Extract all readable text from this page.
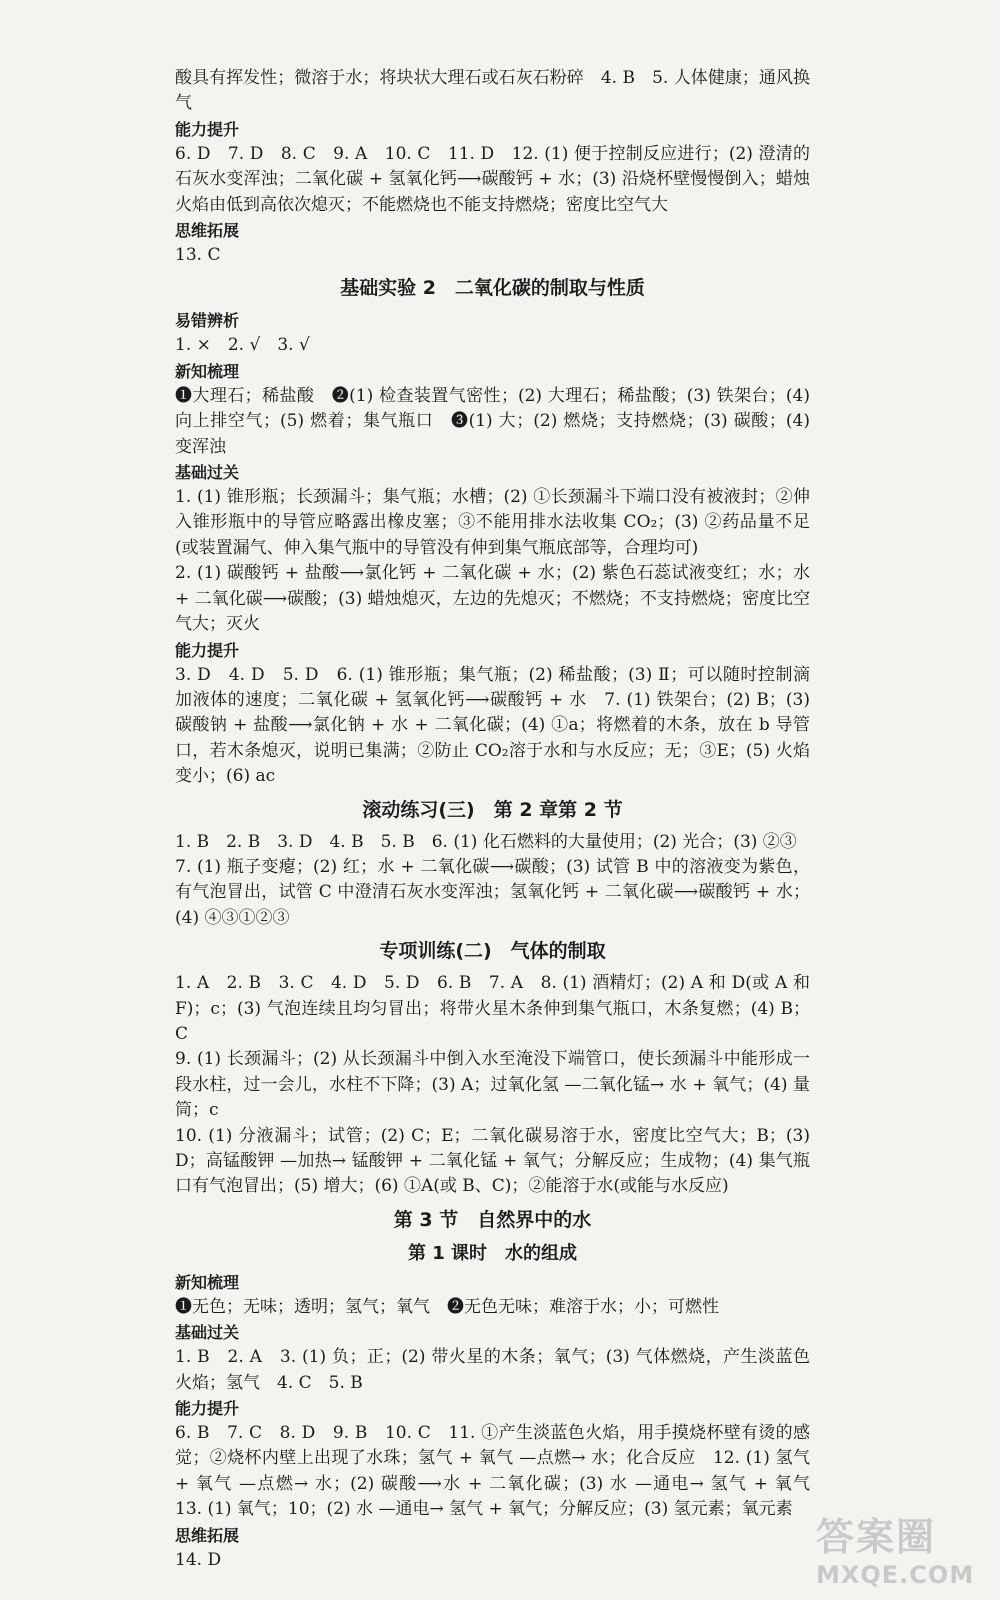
酸具有挥发性；微溶于水；将块状大理石或石灰石粉碎　4. B　5. 人体健康；通风换气
能力提升
6. D　7. D　8. C　9. A　10. C　11. D　12. (1) 便于控制反应进行；(2) 澄清的石灰水变浑浊；二氧化碳 + 氢氧化钙⟶碳酸钙 + 水；(3) 沿烧杯壁慢慢倒入；蜡烛火焰由低到高依次熄灭；不能燃烧也不能支持燃烧；密度比空气大
思维拓展
13. C
基础实验 2　二氧化碳的制取与性质
易错辨析
1. ×　2. √　3. √
新知梳理
❶大理石；稀盐酸　❷(1) 检查装置气密性；(2) 大理石；稀盐酸；(3) 铁架台；(4) 向上排空气；(5) 燃着；集气瓶口　❸(1) 大；(2) 燃烧；支持燃烧；(3) 碳酸；(4) 变浑浊
基础过关
1. (1) 锥形瓶；长颈漏斗；集气瓶；水槽；(2) ①长颈漏斗下端口没有被液封；②伸入锥形瓶中的导管应略露出橡皮塞；③不能用排水法收集 CO₂；(3) ②药品量不足(或装置漏气、伸入集气瓶中的导管没有伸到集气瓶底部等，合理均可)
2. (1) 碳酸钙 + 盐酸⟶氯化钙 + 二氧化碳 + 水；(2) 紫色石蕊试液变红；水；水 + 二氧化碳⟶碳酸；(3) 蜡烛熄灭，左边的先熄灭；不燃烧；不支持燃烧；密度比空气大；灭火
能力提升
3. D　4. D　5. D　6. (1) 锥形瓶；集气瓶；(2) 稀盐酸；(3) Ⅱ；可以随时控制滴加液体的速度；二氧化碳 + 氢氧化钙⟶碳酸钙 + 水　7. (1) 铁架台；(2) B；(3) 碳酸钠 + 盐酸⟶氯化钠 + 水 + 二氧化碳；(4) ①a；将燃着的木条，放在 b 导管口，若木条熄灭，说明已集满；②防止 CO₂溶于水和与水反应；无；③E；(5) 火焰变小；(6) ac
滚动练习(三)　第 2 章第 2 节
1. B　2. B　3. D　4. B　5. B　6. (1) 化石燃料的大量使用；(2) 光合；(3) ②③
7. (1) 瓶子变瘪；(2) 红；水 + 二氧化碳⟶碳酸；(3) 试管 B 中的溶液变为紫色，有气泡冒出，试管 C 中澄清石灰水变浑浊；氢氧化钙 + 二氧化碳⟶碳酸钙 + 水；(4) ④③①②③
专项训练(二)　气体的制取
1. A　2. B　3. C　4. D　5. D　6. B　7. A　8. (1) 酒精灯；(2) A 和 D(或 A 和 F)；c；(3) 气泡连续且均匀冒出；将带火星木条伸到集气瓶口，木条复燃；(4) B；C
9. (1) 长颈漏斗；(2) 从长颈漏斗中倒入水至淹没下端管口，使长颈漏斗中能形成一段水柱，过一会儿，水柱不下降；(3) A；过氧化氢 —二氧化锰→ 水 + 氧气；(4) 量筒；c
10. (1) 分液漏斗；试管；(2) C；E；二氧化碳易溶于水，密度比空气大；B；(3) D；高锰酸钾 —加热→ 锰酸钾 + 二氧化锰 + 氧气；分解反应；生成物；(4) 集气瓶口有气泡冒出；(5) 增大；(6) ①A(或 B、C)；②能溶于水(或能与水反应)
第 3 节　自然界中的水
第 1 课时　水的组成
新知梳理
❶无色；无味；透明；氢气；氧气　❷无色无味；难溶于水；小；可燃性
基础过关
1. B　2. A　3. (1) 负；正；(2) 带火星的木条；氧气；(3) 气体燃烧，产生淡蓝色火焰；氢气　4. C　5. B
能力提升
6. B　7. C　8. D　9. B　10. C　11. ①产生淡蓝色火焰，用手摸烧杯壁有烫的感觉；②烧杯内壁上出现了水珠；氢气 + 氧气 —点燃→ 水；化合反应　12. (1) 氢气 + 氧气 —点燃→ 水；(2) 碳酸⟶水 + 二氧化碳；(3) 水 —通电→ 氢气 + 氧气　13. (1) 氧气；10；(2) 水 —通电→ 氢气 + 氧气；分解反应；(3) 氢元素；氧元素
思维拓展
14. D
答案圈
MXQE.COM
